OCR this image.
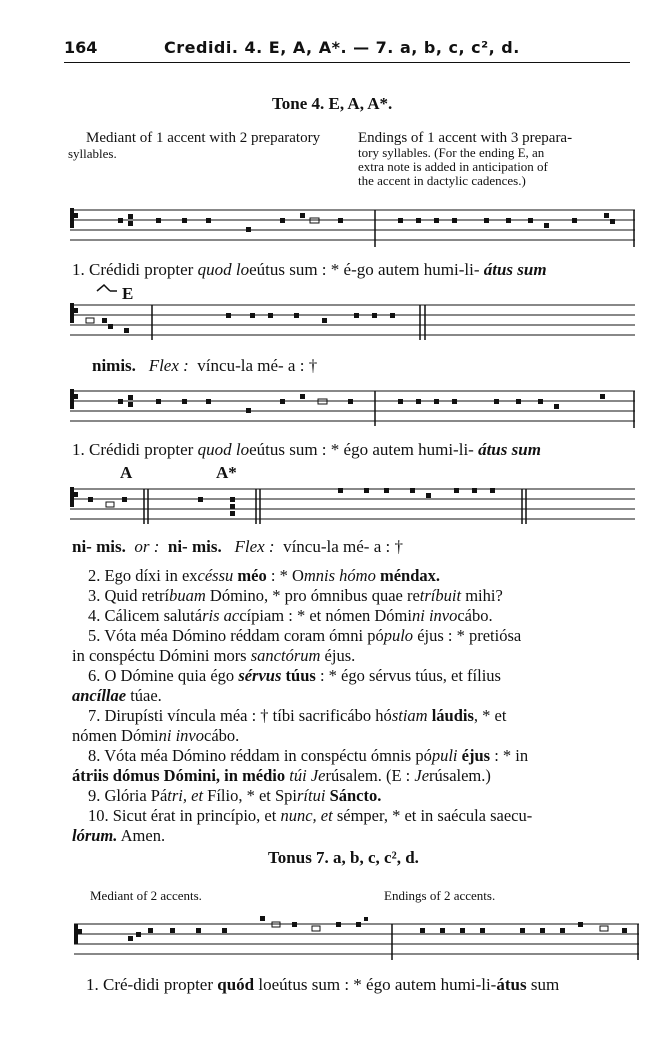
164	Credidi. 4. E, A, A*. — 7. a, b, c, c², d.
Tone 4. E, A, A*.
Mediant of 1 accent with 2 preparatory
syllables.
Endings of 1 accent with 3 prepara-
tory syllables. (For the ending E, an
extra note is added in anticipation of
the accent in dactylic cadences.)
1. Crédidi propter quod loeútus sum : * é-go autem humi-li- átus sum
E
nimis. Flex : víncu-la mé- a : †
1. Crédidi propter quod loeútus sum : * égo autem humi-li- átus sum
A	A*
ni- mis. or : ni- mis. Flex : víncu-la mé- a : †
2. Ego díxi in excéssu méo : * Omnis hómo méndax.
3. Quid retríbuam Dómino, * pro ómnibus quae retríbuit mihi?
4. Cálicem salutáris accípiam : * et nómen Dómini invocábo.
5. Vóta méa Dómino réddam coram ómni pópulo éjus : * pretiósa
in conspéctu Dómini mors sanctórum éjus.
6. O Dómine quia égo sérvus túus : * égo sérvus túus, et fílius
ancíllae túae.
7. Dirupísti víncula méa : † tíbi sacrificábo hóstiam láudis, * et
nómen Dómini invocábo.
8. Vóta méa Dómino réddam in conspéctu ómnis pópuli éjus : * in
átriis dómus Dómini, in médio túi Jerúsalem. (E : Jerúsalem.)
9. Glória Pátri, et Fílio, * et Spirítui Sáncto.
10. Sicut érat in princípio, et nunc, et sémper, * et in saécula saecu-
lórum. Amen.
Tonus 7. a, b, c, c², d.
Mediant of 2 accents.	Endings of 2 accents.
1. Cré-didi propter quód loeútus sum : * égo autem humi-li-átus sum
